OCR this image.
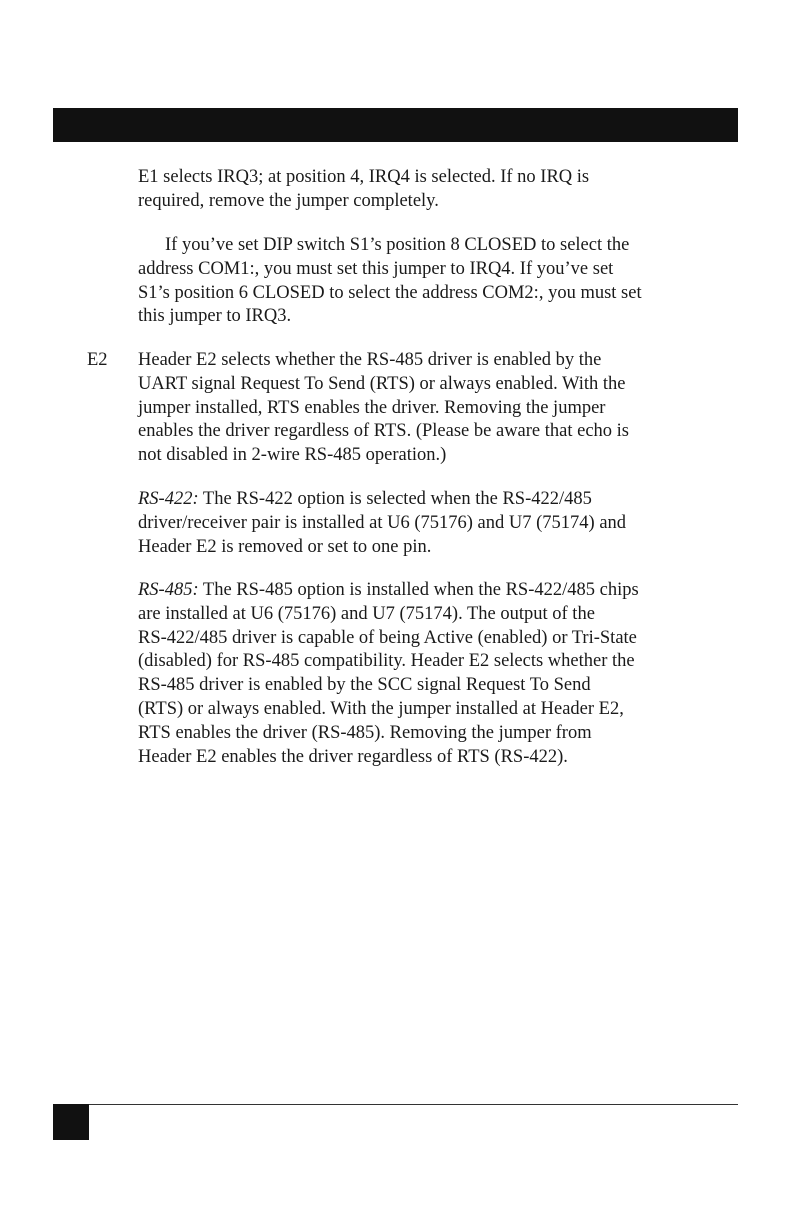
E1 selects IRQ3; at position 4, IRQ4 is selected. If no IRQ is
required, remove the jumper completely.

If you’ve set DIP switch S1’s position 8 CLOSED to select the
address COM1:, you must set this jumper to IRQ4. If you’ve set
S1’s position 6 CLOSED to select the address COM2:, you must set
this jumper to IRQ3.

E2 Header E2 selects whether the RS-485 driver is enabled by the
UART signal Request To Send (RTS) or always enabled. With the
jumper installed, RTS enables the driver. Removing the jumper
enables the driver regardless of RTS. (Please be aware that echo is
not disabled in 2-wire RS-485 operation.)

RS-422: The RS-422 option is selected when the RS-422/485
driver/receiver pair is installed at U6 (75176) and U7 (75174) and
Header E2 is removed or set to one pin.

RS-485: The RS-485 option is installed when the RS-422/485 chips
are installed at U6 (75176) and U7 (75174). The output of the
RS-422/485 driver is capable of being Active (enabled) or Tri-State
(disabled) for RS-485 compatibility. Header E2 selects whether the
RS-485 driver is enabled by the SCC signal Request To Send
(RTS) or always enabled. With the jumper installed at Header E2,
RTS enables the driver (RS-485). Removing the jumper from
Header E2 enables the driver regardless of RTS (RS-422).
